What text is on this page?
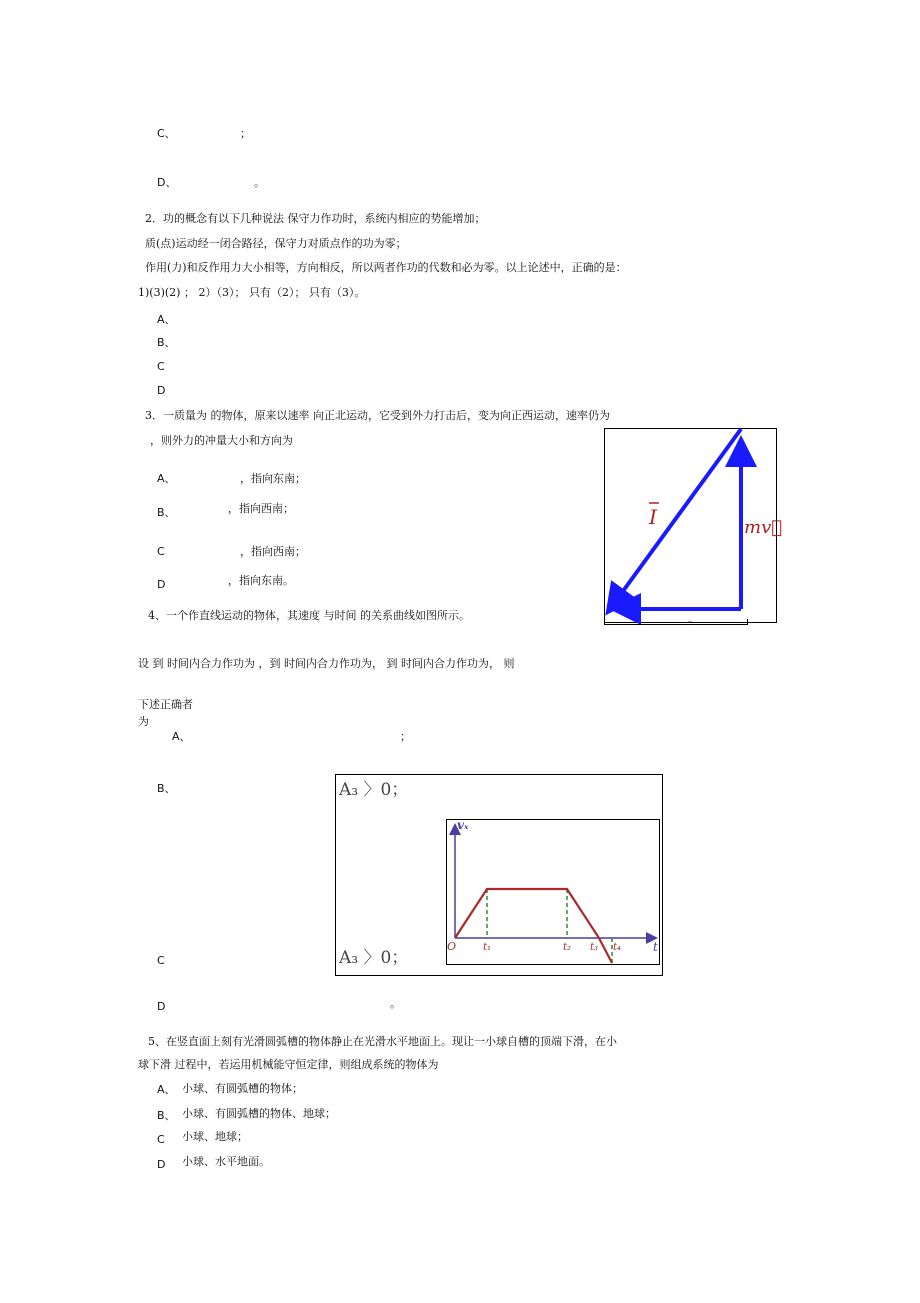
C、	；
D、	。
2．功的概念有以下几种说法 保守力作功时，系统内相应的势能增加；
质(点)运动经一闭合路径，保守力对质点作的功为零；
作用(力)和反作用力大小相等，方向相反，所以两者作功的代数和必为零。以上论述中，正确的是：
1)(3)(2) ； 2）（3）； 只有（2）； 只有（3）。
A、
B、
C
D
3．一质量为 的物体，原来以速率 向正北运动，它受到外力打击后，变为向正西运动，速率仍为
，则外力的冲量大小和方向为
A、	，指向东南；
B、	，指向西南；
C	，指向西南；
D	，指向东南。
I	mv⃗
–
4、一个作直线运动的物体，其速度 与时间 的关系曲线如图所示。
设 到 时间内合力作功为 ，到 时间内合力作功为， 到 时间内合力作功为， 则
下述正确者
为
A、	；
B、
C
D	。
A₃ 〉0；
A₃ 〉0；
vₓ
t
O	t₁	t₂ t₃ t₄
5、在竖直面上刻有光滑圆弧槽的物体静止在光滑水平地面上。现让一小球自槽的顶端下滑，在小
球下滑 过程中，若运用机械能守恒定律，则组成系统的物体为
A、 小球、有圆弧槽的物体；
B、 小球、有圆弧槽的物体、地球；
C 小球、地球；
D 小球、水平地面。
